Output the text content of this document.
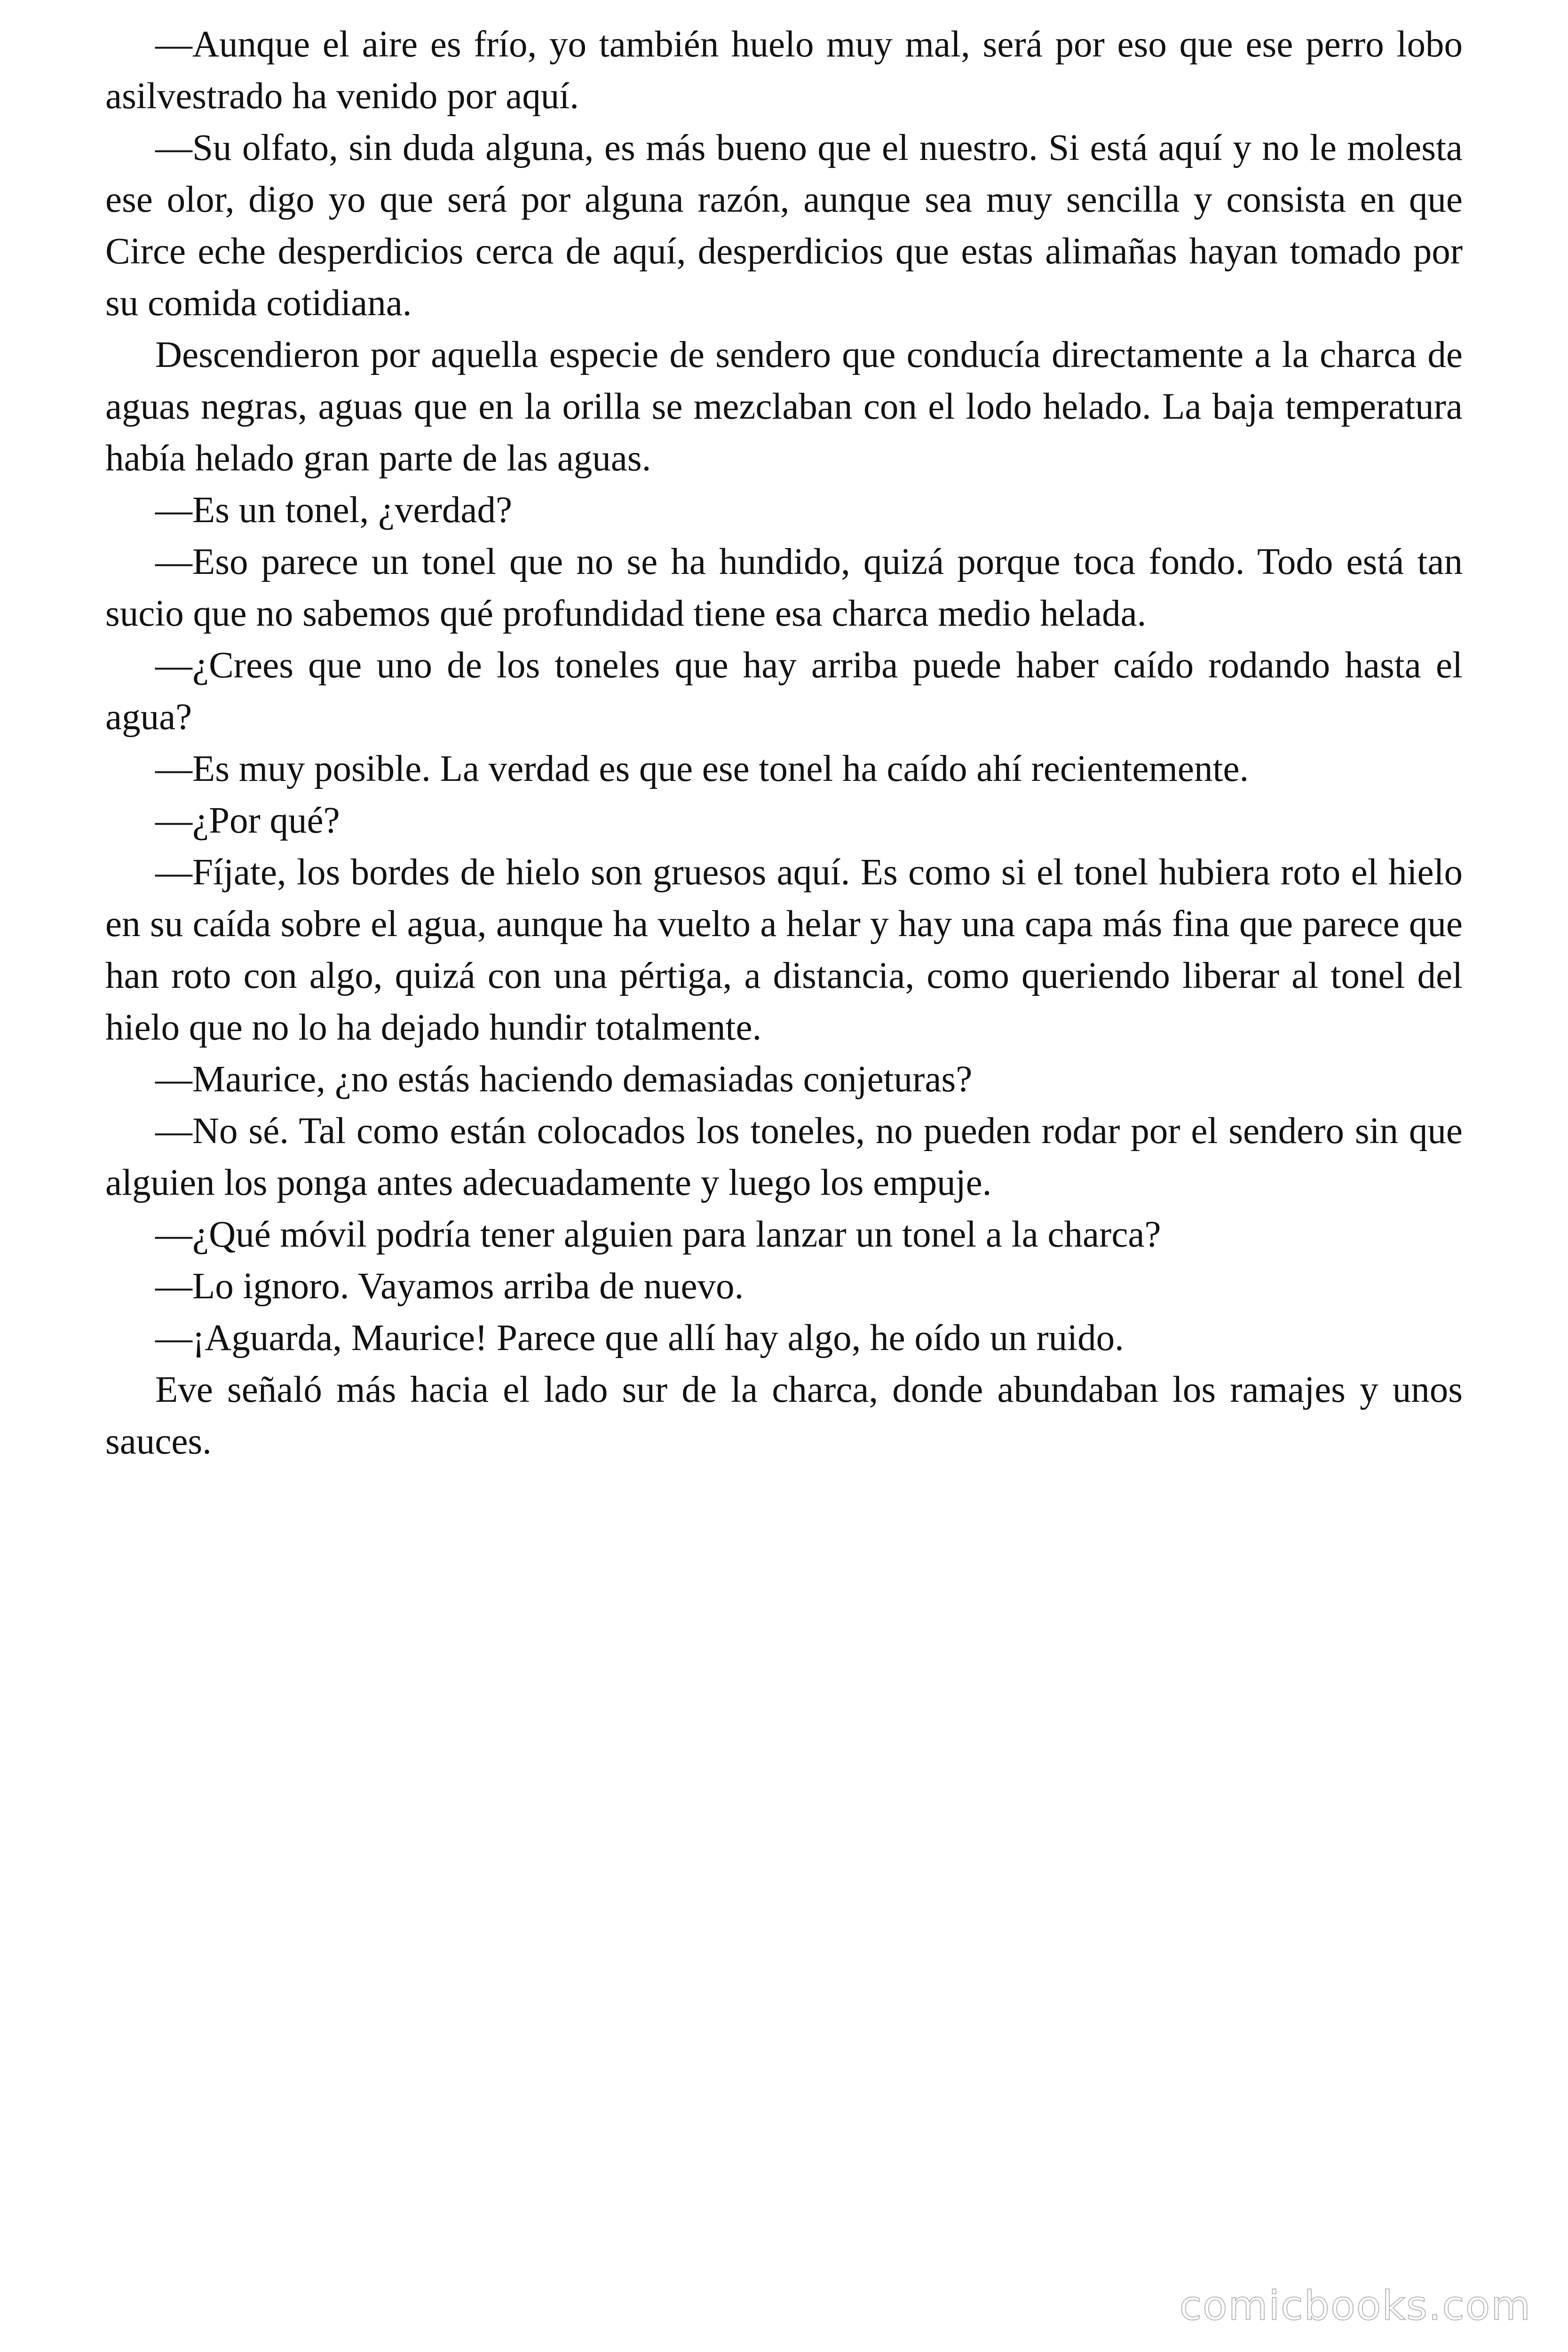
—Aunque el aire es frío, yo también huelo muy mal, será por eso que ese perro lobo asilvestrado ha venido por aquí.

—Su olfato, sin duda alguna, es más bueno que el nuestro. Si está aquí y no le molesta ese olor, digo yo que será por alguna razón, aunque sea muy sencilla y consista en que Circe eche desperdicios cerca de aquí, desperdicios que estas alimañas hayan tomado por su comida cotidiana.

Descendieron por aquella especie de sendero que conducía directamente a la charca de aguas negras, aguas que en la orilla se mezclaban con el lodo helado. La baja temperatura había helado gran parte de las aguas.

—Es un tonel, ¿verdad?

—Eso parece un tonel que no se ha hundido, quizá porque toca fondo. Todo está tan sucio que no sabemos qué profundidad tiene esa charca medio helada.

—¿Crees que uno de los toneles que hay arriba puede haber caído rodando hasta el agua?

—Es muy posible. La verdad es que ese tonel ha caído ahí recientemente.

—¿Por qué?

—Fíjate, los bordes de hielo son gruesos aquí. Es como si el tonel hubiera roto el hielo en su caída sobre el agua, aunque ha vuelto a helar y hay una capa más fina que parece que han roto con algo, quizá con una pértiga, a distancia, como queriendo liberar al tonel del hielo que no lo ha dejado hundir totalmente.

—Maurice, ¿no estás haciendo demasiadas conjeturas?

—No sé. Tal como están colocados los toneles, no pueden rodar por el sendero sin que alguien los ponga antes adecuadamente y luego los empuje.

—¿Qué móvil podría tener alguien para lanzar un tonel a la charca?

—Lo ignoro. Vayamos arriba de nuevo.

—¡Aguarda, Maurice! Parece que allí hay algo, he oído un ruido.

Eve señaló más hacia el lado sur de la charca, donde abundaban los ramajes y unos sauces.

comicbooks.com
